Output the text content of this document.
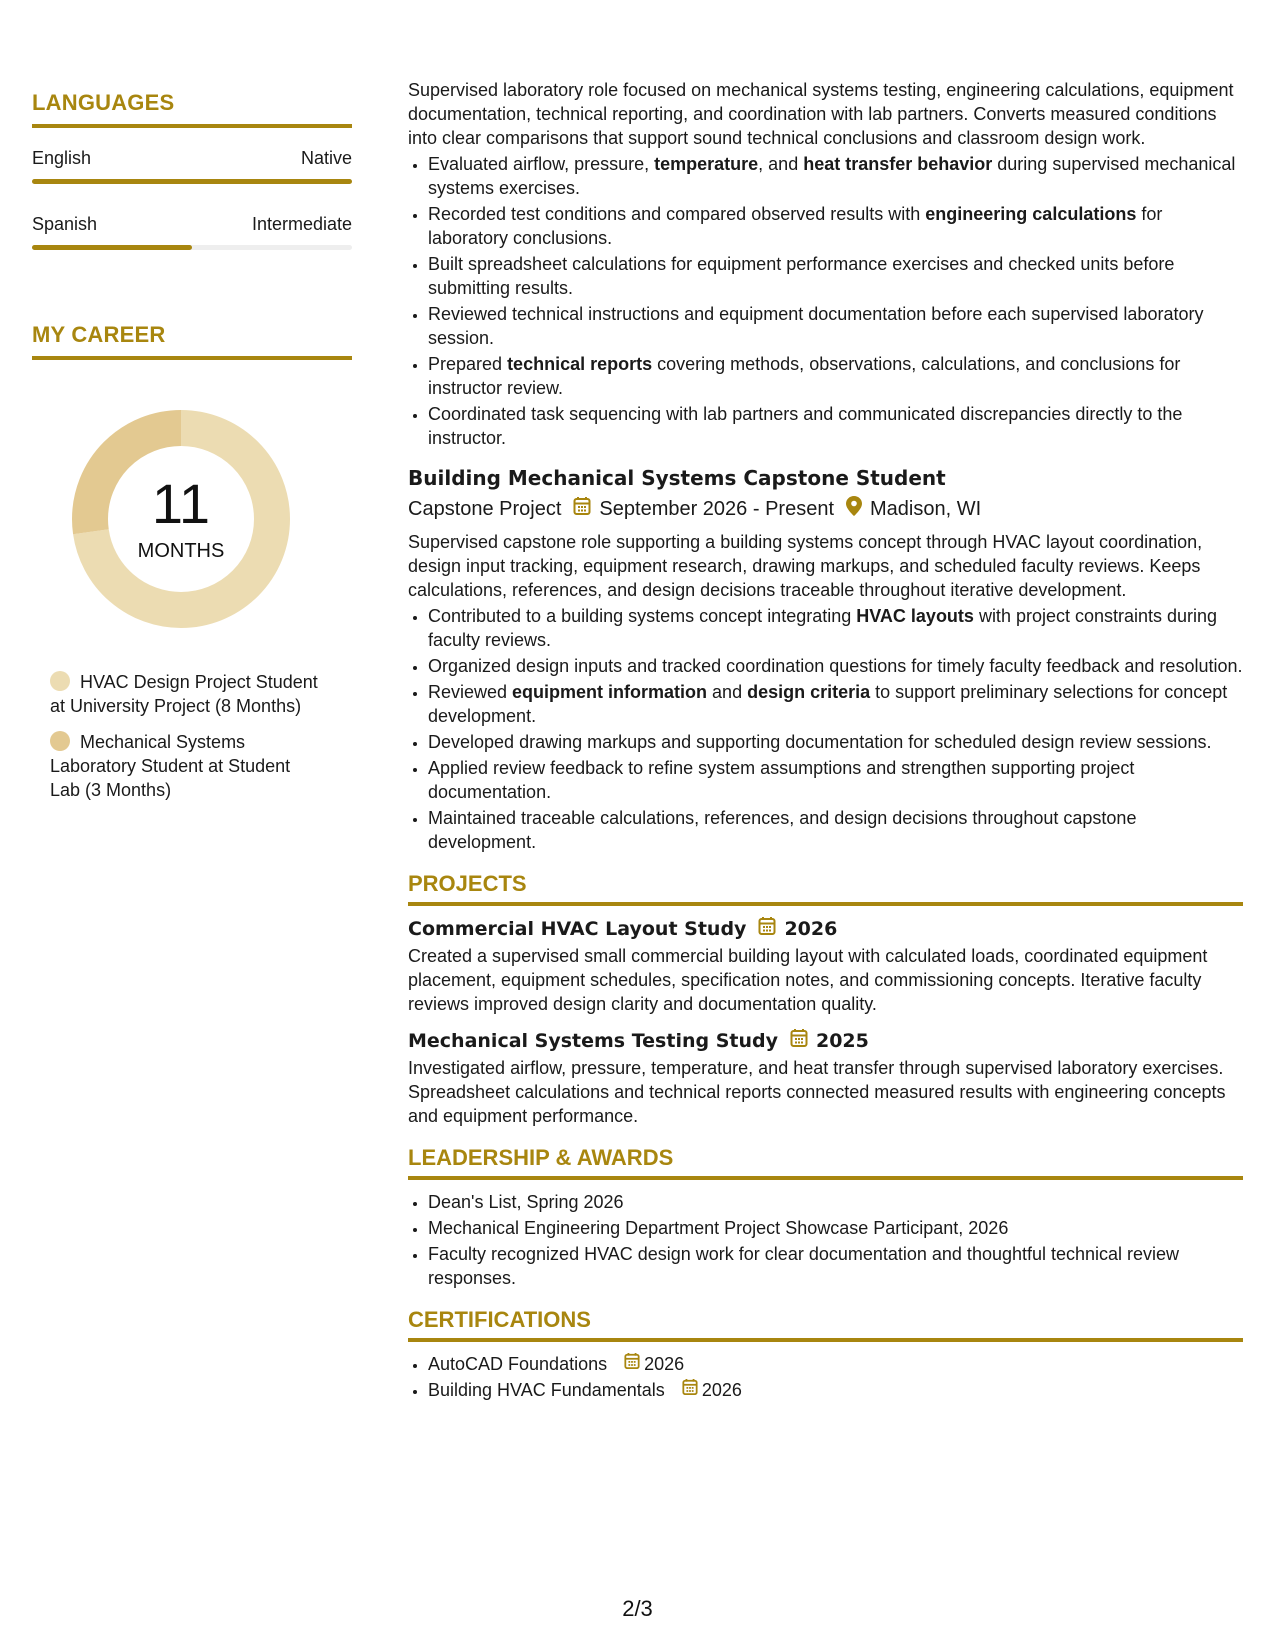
LANGUAGES
English	Native
Spanish	Intermediate
MY CAREER
11
MONTHS
HVAC Design Project Student at University Project (8 Months)
Mechanical Systems Laboratory Student at Student Lab (3 Months)

Supervised laboratory role focused on mechanical systems testing, engineering calculations, equipment documentation, technical reporting, and coordination with lab partners. Converts measured conditions into clear comparisons that support sound technical conclusions and classroom design work.

• Evaluated airflow, pressure, temperature, and heat transfer behavior during supervised mechanical systems exercises.
• Recorded test conditions and compared observed results with engineering calculations for laboratory conclusions.
• Built spreadsheet calculations for equipment performance exercises and checked units before submitting results.
• Reviewed technical instructions and equipment documentation before each supervised laboratory session.
• Prepared technical reports covering methods, observations, calculations, and conclusions for instructor review.
• Coordinated task sequencing with lab partners and communicated discrepancies directly to the instructor.
Building Mechanical Systems Capstone Student
Capstone Project September 2026 - Present Madison, WI

Supervised capstone role supporting a building systems concept through HVAC layout coordination, design input tracking, equipment research, drawing markups, and scheduled faculty reviews. Keeps calculations, references, and design decisions traceable throughout iterative development.

• Contributed to a building systems concept integrating HVAC layouts with project constraints during faculty reviews.
• Organized design inputs and tracked coordination questions for timely faculty feedback and resolution.
• Reviewed equipment information and design criteria to support preliminary selections for concept development.
• Developed drawing markups and supporting documentation for scheduled design review sessions.
• Applied review feedback to refine system assumptions and strengthen supporting project documentation.
• Maintained traceable calculations, references, and design decisions throughout capstone development.
PROJECTS
Commercial HVAC Layout Study 2026

Created a supervised small commercial building layout with calculated loads, coordinated equipment placement, equipment schedules, specification notes, and commissioning concepts. Iterative faculty reviews improved design clarity and documentation quality.

Mechanical Systems Testing Study 2025

Investigated airflow, pressure, temperature, and heat transfer through supervised laboratory exercises. Spreadsheet calculations and technical reports connected measured results with engineering concepts and equipment performance.

LEADERSHIP & AWARDS
• Dean's List, Spring 2026
• Mechanical Engineering Department Project Showcase Participant, 2026
• Faculty recognized HVAC design work for clear documentation and thoughtful technical review responses.
CERTIFICATIONS
• AutoCAD Foundations 2026
• Building HVAC Fundamentals 2026
2/3
